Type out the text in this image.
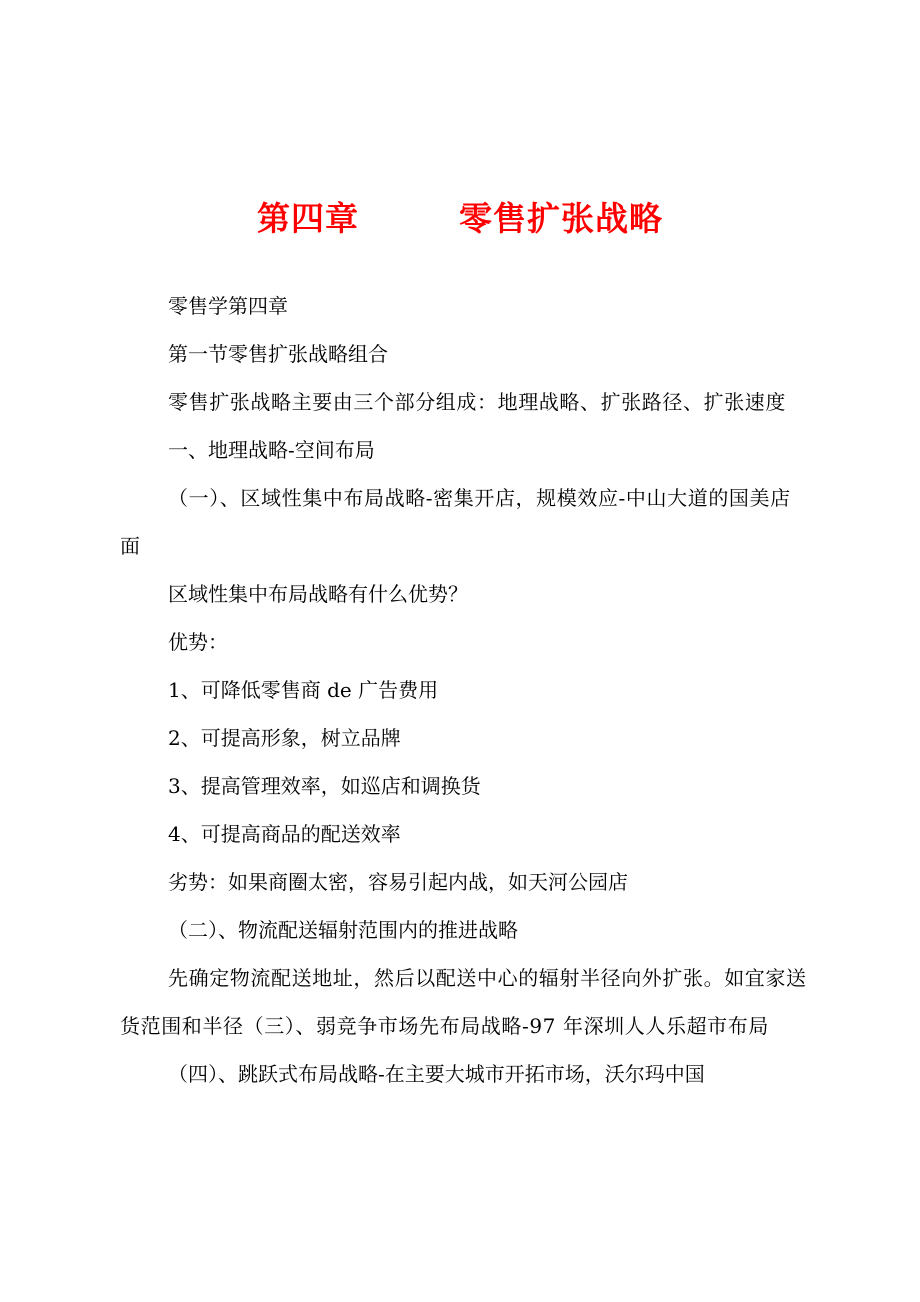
第四章        零售扩张战略

零售学第四章

第一节零售扩张战略组合

零售扩张战略主要由三个部分组成：地理战略、扩张路径、扩张速度

一、地理战略-空间布局

（一）、区域性集中布局战略-密集开店，规模效应-中山大道的国美店面

区域性集中布局战略有什么优势？

优势：

1、可降低零售商 de 广告费用

2、可提高形象，树立品牌

3、提高管理效率，如巡店和调换货

4、可提高商品的配送效率

劣势：如果商圈太密，容易引起内战，如天河公园店

（二）、物流配送辐射范围内的推进战略

先确定物流配送地址，然后以配送中心的辐射半径向外扩张。如宜家送货范围和半径（三）、弱竞争市场先布局战略-97 年深圳人人乐超市布局

（四）、跳跃式布局战略-在主要大城市开拓市场，沃尔玛中国
